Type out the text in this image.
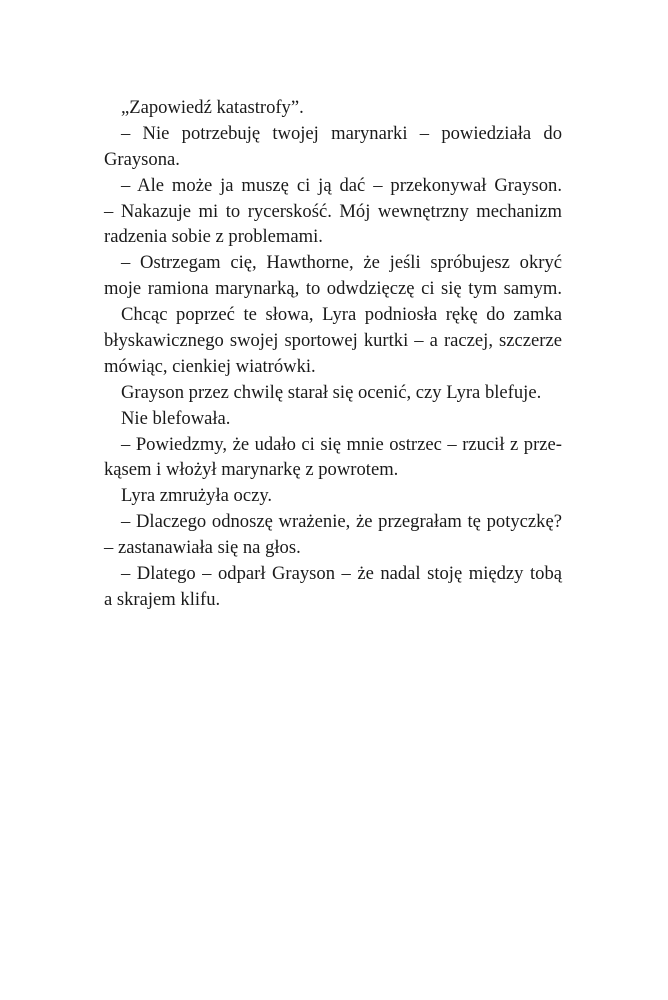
„Zapowiedź katastrofy”.
– Nie potrzebuję twojej marynarki – powiedziała do
Graysona.
– Ale może ja muszę ci ją dać – przekonywał Grayson.
– Nakazuje mi to rycerskość. Mój wewnętrzny mechanizm
radzenia sobie z problemami.
– Ostrzegam cię, Hawthorne, że jeśli spróbujesz okryć
moje ramiona marynarką, to odwdzięczę ci się tym samym.
Chcąc poprzeć te słowa, Lyra podniosła rękę do zamka
błyskawicznego swojej sportowej kurtki – a raczej, szczerze
mówiąc, cienkiej wiatrówki.
Grayson przez chwilę starał się ocenić, czy Lyra blefuje.
Nie blefowała.
– Powiedzmy, że udało ci się mnie ostrzec – rzucił z prze-
kąsem i włożył marynarkę z powrotem.
Lyra zmrużyła oczy.
– Dlaczego odnoszę wrażenie, że przegrałam tę potyczkę?
– zastanawiała się na głos.
– Dlatego – odparł Grayson – że nadal stoję między tobą
a skrajem klifu.
